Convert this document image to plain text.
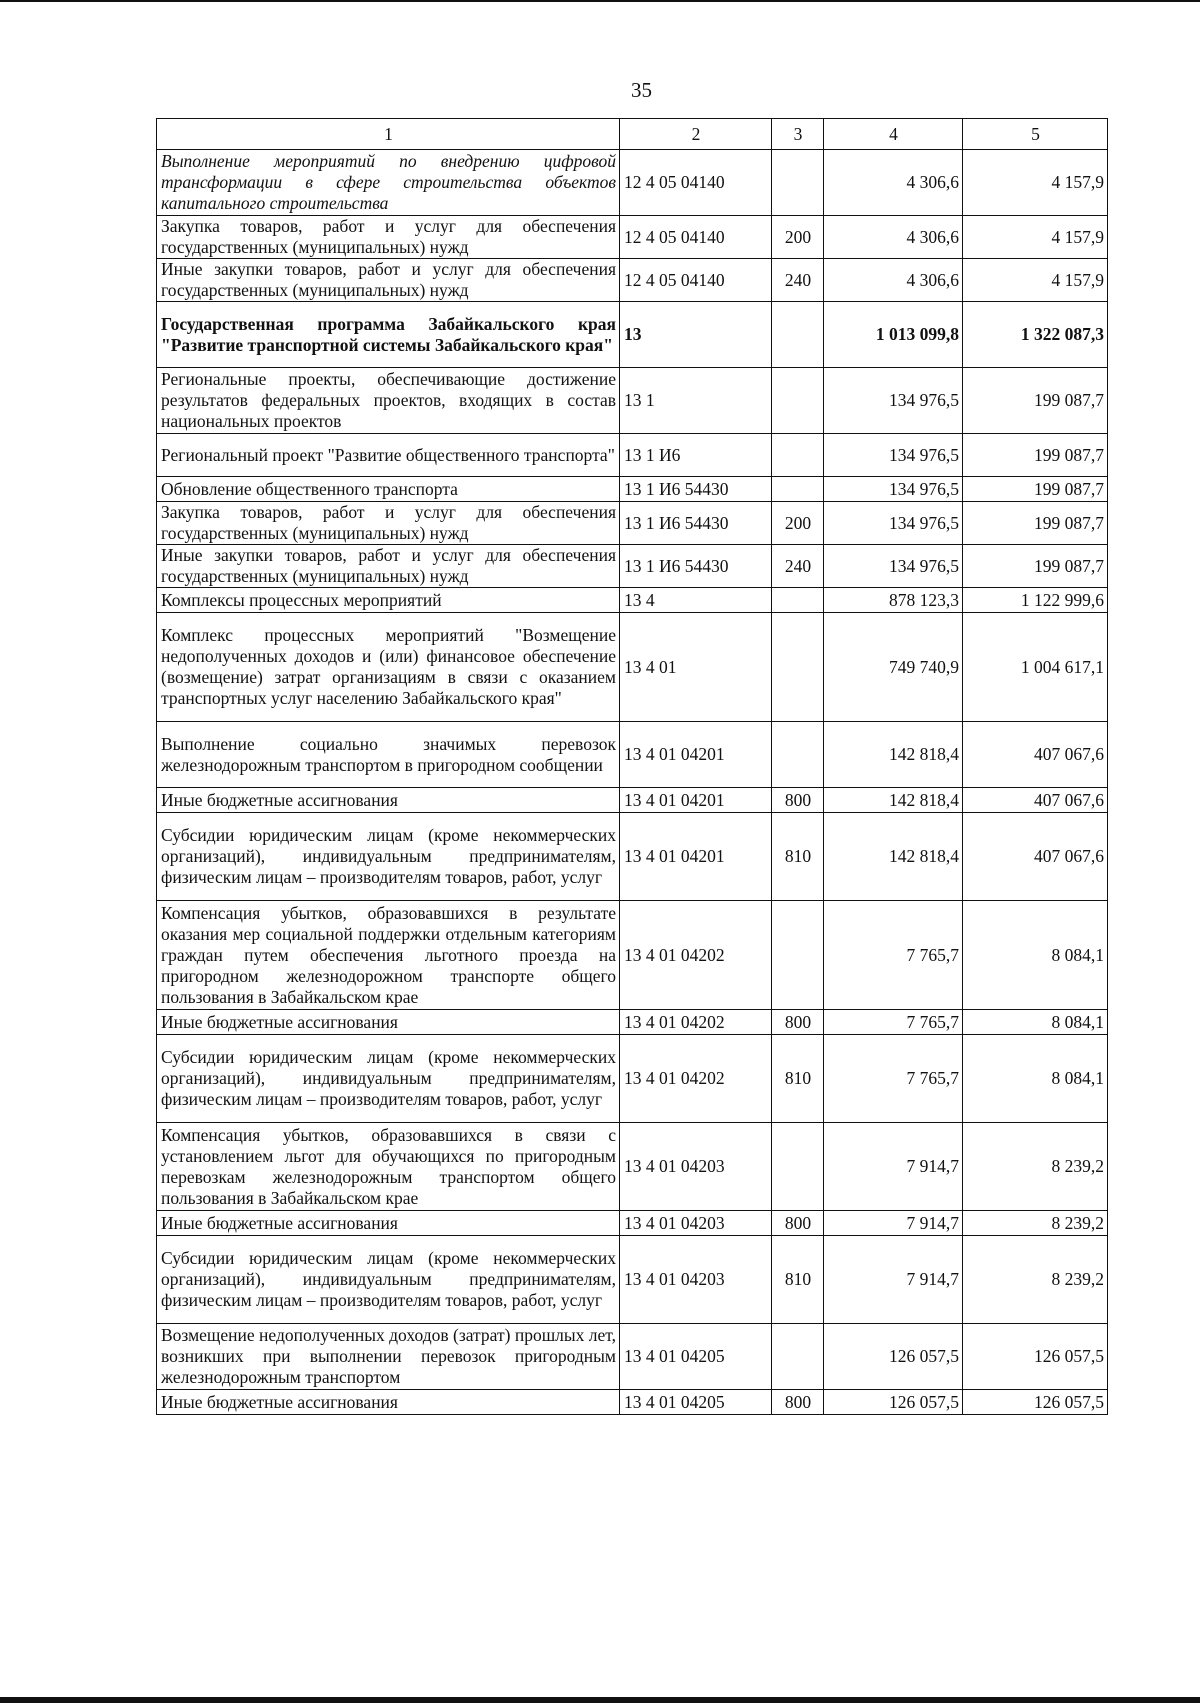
35
1	2	3	4	5
Выполнение мероприятий по внедрению цифровой трансформации в сфере строительства объектов капитального строительства	12 4 05 04140		4 306,6	4 157,9
Закупка товаров, работ и услуг для обеспечения государственных (муниципальных) нужд	12 4 05 04140	200	4 306,6	4 157,9
Иные закупки товаров, работ и услуг для обеспечения государственных (муниципальных) нужд	12 4 05 04140	240	4 306,6	4 157,9
Государственная программа Забайкальского края "Развитие транспортной системы Забайкальского края"	13		1 013 099,8	1 322 087,3
Региональные проекты, обеспечивающие достижение результатов федеральных проектов, входящих в состав национальных проектов	13 1		134 976,5	199 087,7
Региональный проект "Развитие общественного транспорта"	13 1 И6		134 976,5	199 087,7
Обновление общественного транспорта	13 1 И6 54430		134 976,5	199 087,7
Закупка товаров, работ и услуг для обеспечения государственных (муниципальных) нужд	13 1 И6 54430	200	134 976,5	199 087,7
Иные закупки товаров, работ и услуг для обеспечения государственных (муниципальных) нужд	13 1 И6 54430	240	134 976,5	199 087,7
Комплексы процессных мероприятий	13 4		878 123,3	1 122 999,6
Комплекс процессных мероприятий "Возмещение недополученных доходов и (или) финансовое обеспечение (возмещение) затрат организациям в связи с оказанием транспортных услуг населению Забайкальского края"	13 4 01		749 740,9	1 004 617,1
Выполнение социально значимых перевозок железнодорожным транспортом в пригородном сообщении	13 4 01 04201		142 818,4	407 067,6
Иные бюджетные ассигнования	13 4 01 04201	800	142 818,4	407 067,6
Субсидии юридическим лицам (кроме некоммерческих организаций), индивидуальным предпринимателям, физическим лицам – производителям товаров, работ, услуг	13 4 01 04201	810	142 818,4	407 067,6
Компенсация убытков, образовавшихся в результате оказания мер социальной поддержки отдельным категориям граждан путем обеспечения льготного проезда на пригородном железнодорожном транспорте общего пользования в Забайкальском крае	13 4 01 04202		7 765,7	8 084,1
Иные бюджетные ассигнования	13 4 01 04202	800	7 765,7	8 084,1
Субсидии юридическим лицам (кроме некоммерческих организаций), индивидуальным предпринимателям, физическим лицам – производителям товаров, работ, услуг	13 4 01 04202	810	7 765,7	8 084,1
Компенсация убытков, образовавшихся в связи с установлением льгот для обучающихся по пригородным перевозкам железнодорожным транспортом общего пользования в Забайкальском крае	13 4 01 04203		7 914,7	8 239,2
Иные бюджетные ассигнования	13 4 01 04203	800	7 914,7	8 239,2
Субсидии юридическим лицам (кроме некоммерческих организаций), индивидуальным предпринимателям, физическим лицам – производителям товаров, работ, услуг	13 4 01 04203	810	7 914,7	8 239,2
Возмещение недополученных доходов (затрат) прошлых лет, возникших при выполнении перевозок пригородным железнодорожным транспортом	13 4 01 04205		126 057,5	126 057,5
Иные бюджетные ассигнования	13 4 01 04205	800	126 057,5	126 057,5
